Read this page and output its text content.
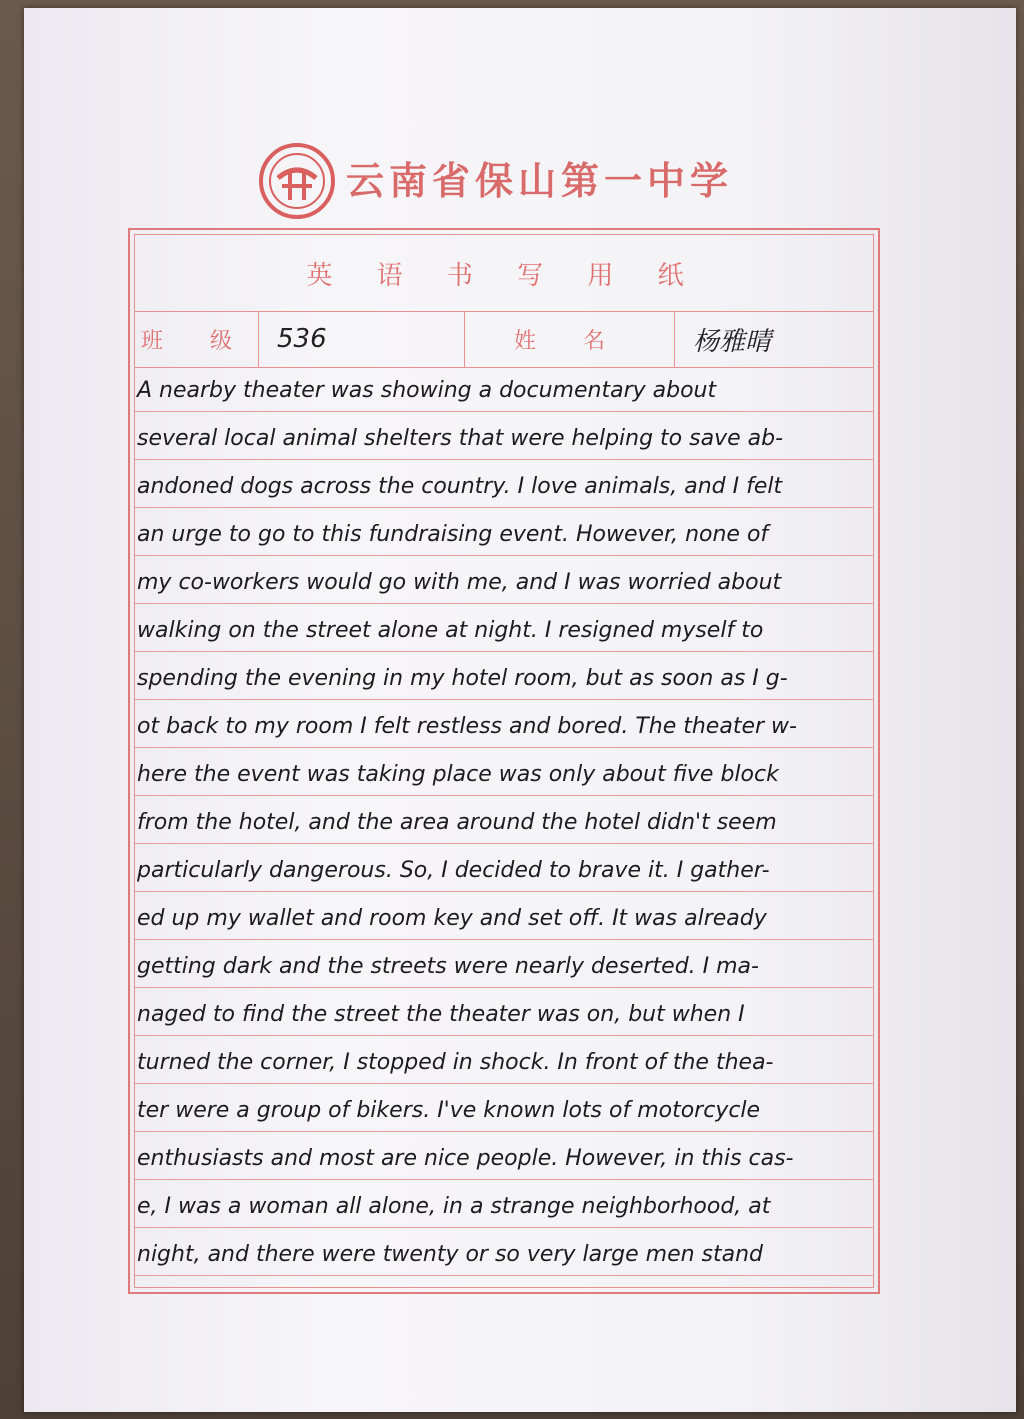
云南省保山第一中学
英 语 书 写 用 纸
班 级 536	姓 名	杨雅晴
A nearby theater was showing a documentary about
several local animal shelters that were helping to save ab-
andoned dogs across the country. I love animals, and I felt
an urge to go to this fundraising event. However, none of
my co-workers would go with me, and I was worried about
walking on the street alone at night. I resigned myself to
spending the evening in my hotel room, but as soon as I g-
ot back to my room I felt restless and bored. The theater w-
here the event was taking place was only about five block
from the hotel, and the area around the hotel didn't seem
particularly dangerous. So, I decided to brave it. I gather-
ed up my wallet and room key and set off. It was already
getting dark and the streets were nearly deserted. I ma-
naged to find the street the theater was on, but when I
turned the corner, I stopped in shock. In front of the thea-
ter were a group of bikers. I've known lots of motorcycle
enthusiasts and most are nice people. However, in this cas-
e, I was a woman all alone, in a strange neighborhood, at
night, and there were twenty or so very large men stand
